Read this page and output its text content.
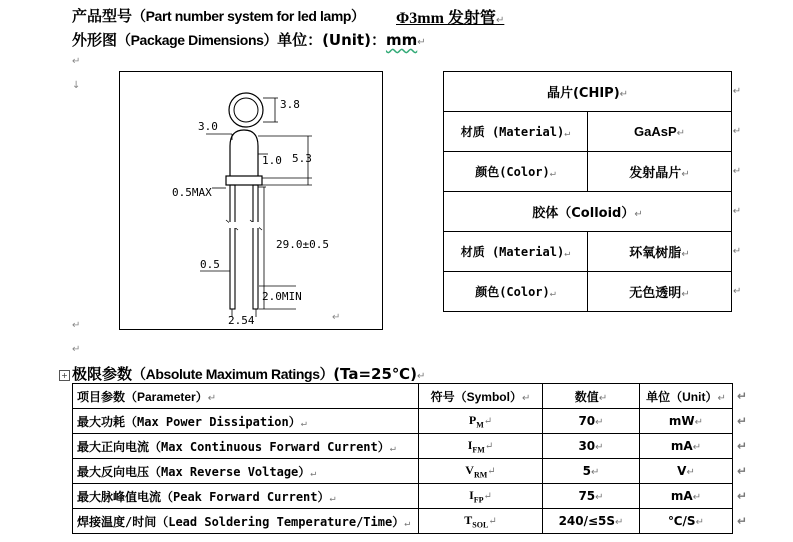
产品型号（Part number system for led lamp） Φ3mm 发射管↵
外形图（Package Dimensions）单位：(Unit)：mm↵
↵
↓
↵
↵
3.8
3.0
1.0 5.3
0.5MAX
29.0±0.5
0.5
2.0MIN
2.54	↵
晶片(CHIP)↵		↵
材质 (Material)↵	GaAsP↵	↵
颜色(Color)↵	发射晶片↵	↵
胶体（Colloid）↵		↵
材质 (Material)↵	环氧树脂↵	↵
颜色(Color)↵	无色透明↵	↵
+ 极限参数（Absolute Maximum Ratings）(Ta=25℃)↵
项目参数（Parameter）↵	符号（Symbol）↵	数值↵	单位（Unit）↵	↵
最大功耗（Max Power Dissipation）↵	$P_M↵$	70↵	mW↵	↵
最大正向电流（Max Continuous Forward Current）↵	$I_{FM}↵$	30↵	mA↵	↵
最大反向电压（Max Reverse Voltage）↵	$V_{RM}↵$	5↵	V↵	↵
最大脉峰值电流（Peak Forward Current）↵	$I_{FP}↵$	75↵	mA↵	↵
焊接温度/时间（Lead Soldering Temperature/Time）↵	$T_{SOL}↵$	240/≤5S↵	℃/S↵	↵
